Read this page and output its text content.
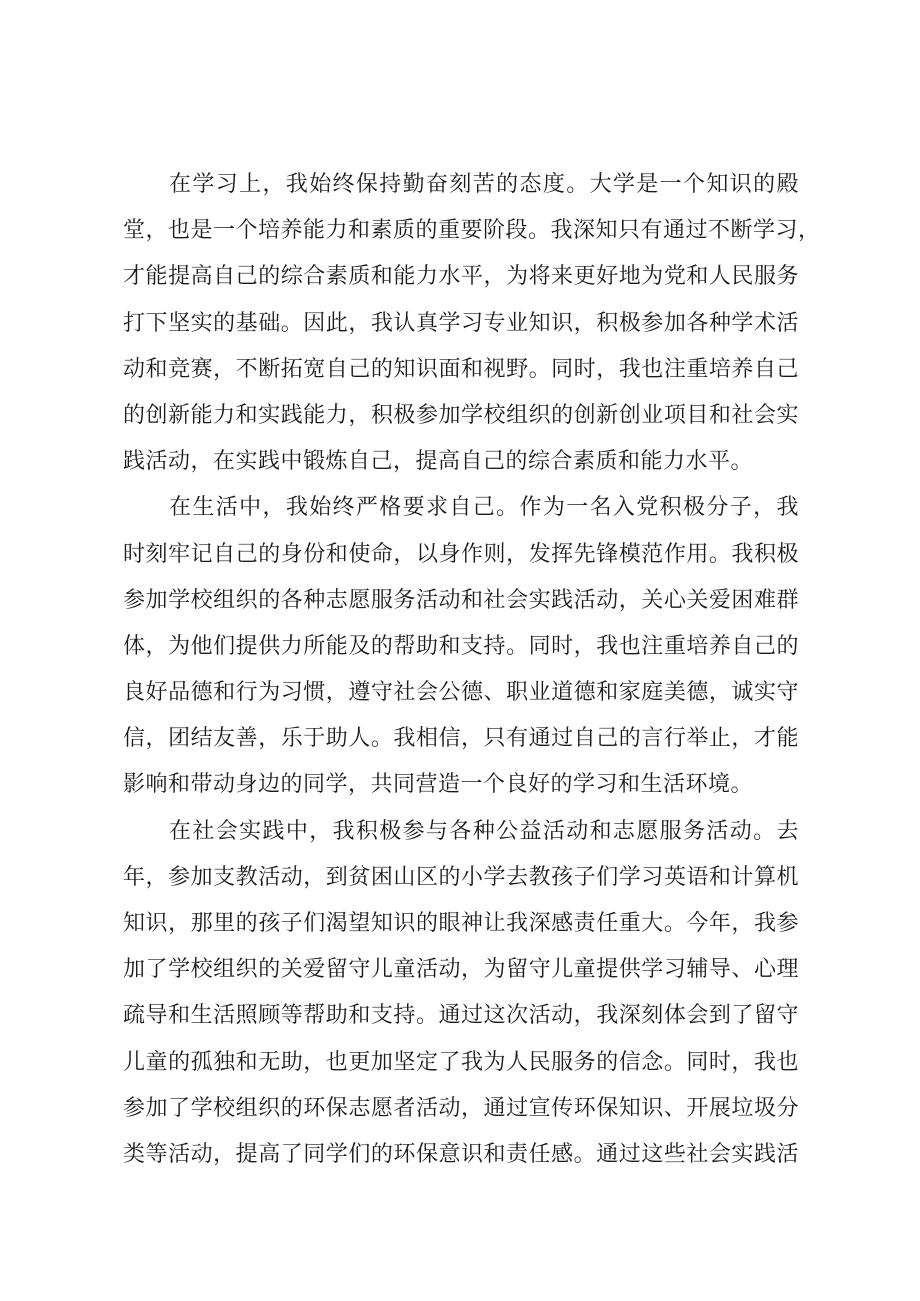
在学习上，我始终保持勤奋刻苦的态度。大学是一个知识的殿
堂，也是一个培养能力和素质的重要阶段。我深知只有通过不断学习，
才能提高自己的综合素质和能力水平，为将来更好地为党和人民服务
打下坚实的基础。因此，我认真学习专业知识，积极参加各种学术活
动和竞赛，不断拓宽自己的知识面和视野。同时，我也注重培养自己
的创新能力和实践能力，积极参加学校组织的创新创业项目和社会实
践活动，在实践中锻炼自己，提高自己的综合素质和能力水平。
在生活中，我始终严格要求自己。作为一名入党积极分子，我
时刻牢记自己的身份和使命，以身作则，发挥先锋模范作用。我积极
参加学校组织的各种志愿服务活动和社会实践活动，关心关爱困难群
体，为他们提供力所能及的帮助和支持。同时，我也注重培养自己的
良好品德和行为习惯，遵守社会公德、职业道德和家庭美德，诚实守
信，团结友善，乐于助人。我相信，只有通过自己的言行举止，才能
影响和带动身边的同学，共同营造一个良好的学习和生活环境。
在社会实践中，我积极参与各种公益活动和志愿服务活动。去
年，参加支教活动，到贫困山区的小学去教孩子们学习英语和计算机
知识，那里的孩子们渴望知识的眼神让我深感责任重大。今年，我参
加了学校组织的关爱留守儿童活动，为留守儿童提供学习辅导、心理
疏导和生活照顾等帮助和支持。通过这次活动，我深刻体会到了留守
儿童的孤独和无助，也更加坚定了我为人民服务的信念。同时，我也
参加了学校组织的环保志愿者活动，通过宣传环保知识、开展垃圾分
类等活动，提高了同学们的环保意识和责任感。通过这些社会实践活
